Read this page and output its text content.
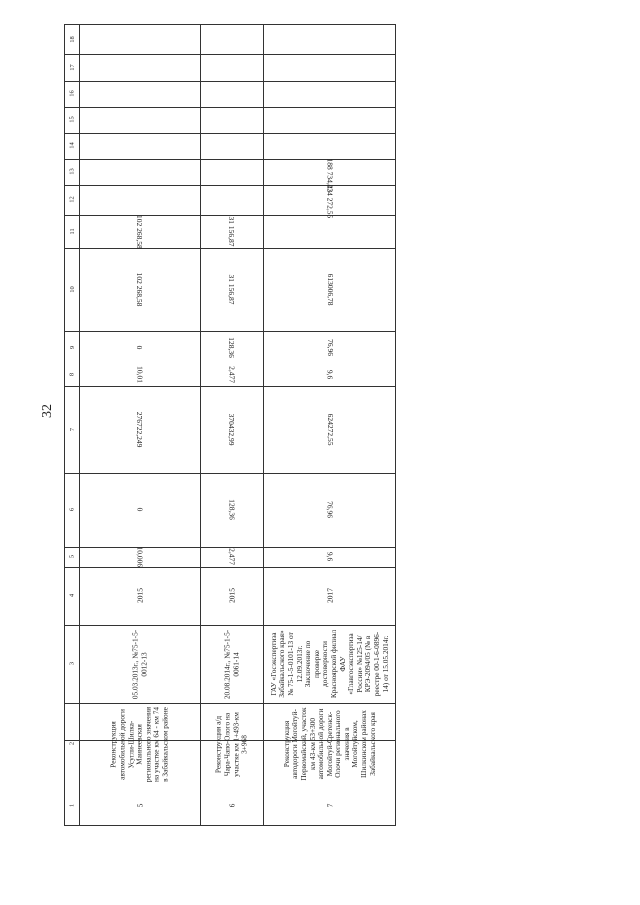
32
1
2
3
4
5
6
7
8
9
10
11
12
13
14
15
16
17
18
5
Реконструкция автомобильной дороги Усугли-Шилка-Маинеевская регионального значения на участке км 64 - км 74 в Забайкальском районе
05.03.2013г., №75-1-5-0012-13
2015
10,006
0
276722,249
10,01
0
102 268,58
102 268,58
6
Реконструкция а/д Чара-Чапо-Олого на участке км 1+493-км 3+968
20.08.2014г., №75-1-5-0061-14
2015
2,477
128,36
370432,99
2,477
128,36
31 156,87
31 156,87
7
Реконструкция автодороги Могойтуй-Первомайский, участок км 43-км 53+300 автомобильной дороги Могойтуй-Сретенск-Олочи регионального значения в Могойтуйском, Шилкинском районах Забайкальского края
ГАУ «Госэкспертиза Забайкальского края» № 75-1-5-0101-13 от 12.09.2013г. Заключение по проверке достоверности Красноярской филиал ФАУ «Главгосэкспертиза России» №125-14/КРЭ-2094/05 (№ в реестре 00-1-6-0896-14) от 15.05.2014г.
2017
9,6
76,96
624272,55
9,6
76,96
613006,78
424 272,55
188 734,23
